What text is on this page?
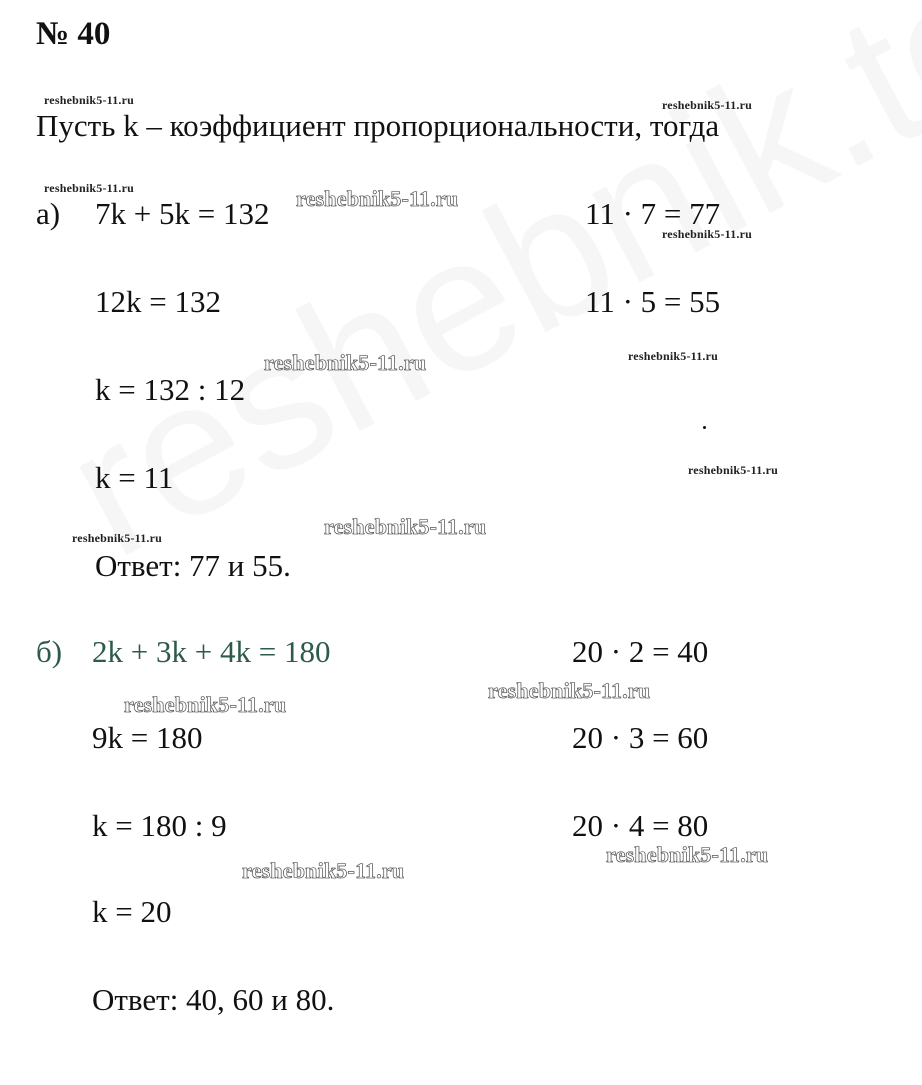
№ 40
Пусть k – коэффициент пропорциональности, тогда
а) 7k + 5k = 132
12k = 132
k = 132 : 12
k = 11
Ответ: 77 и 55.
11 · 7 = 77
11 · 5 = 55
б) 2k + 3k + 4k = 180
9k = 180
k = 180 : 9
k = 20
Ответ: 40, 60 и 80.
20 · 2 = 40
20 · 3 = 60
20 · 4 = 80
reshebnik5-11.ru	reshebnik5-11.ru
reshebnik5-11.ru	reshebnik5-11.ru
reshebnik5-11.ru
reshebnik5-11.ru	reshebnik5-11.ru
reshebnik5-11.ru
reshebnik5-11.ru	reshebnik5-11.ru
reshebnik5-11.ru
reshebnik5-11.ru
reshebnik5-11.ru
reshebnik5-11.ru
